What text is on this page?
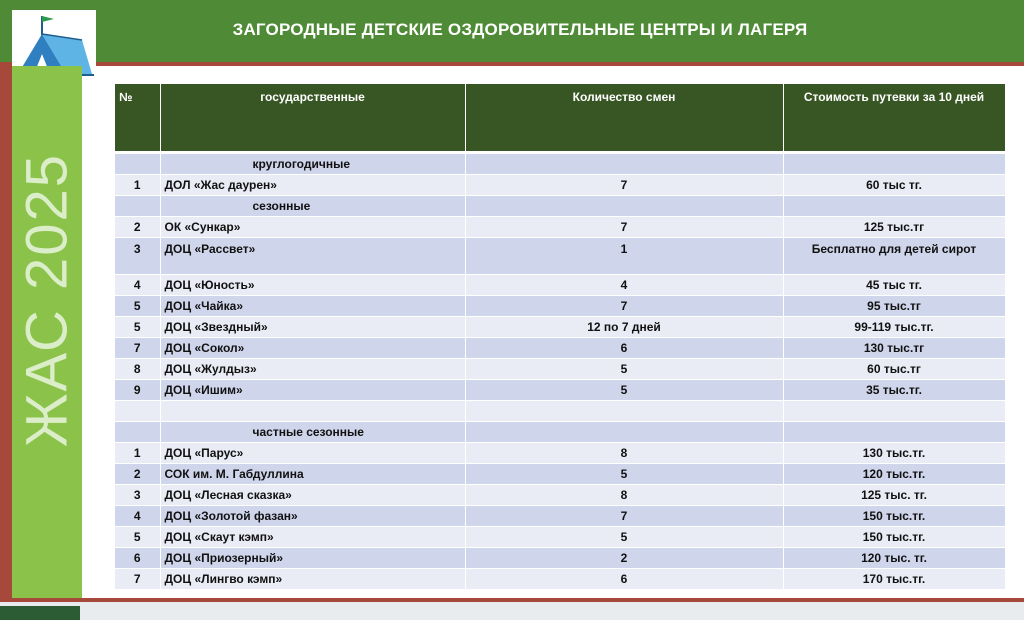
ЗАГОРОДНЫЕ ДЕТСКИЕ ОЗДОРОВИТЕЛЬНЫЕ ЦЕНТРЫ И ЛАГЕРЯ
ЖАС 2025
№	государственные	Количество смен	Стоимость путевки за 10 дней

	круглогодичные		
1	ДОЛ «Жас даурен»	7	60 тыс тг.
	сезонные		
2	ОК «Сункар»	7	125 тыс.тг
3	ДОЦ «Рассвет»	1	Бесплатно для детей сирот
4	ДОЦ «Юность»	4	45 тыс тг.
5	ДОЦ «Чайка»	7	95 тыс.тг
5	ДОЦ «Звездный»	12 по 7 дней	99-119 тыс.тг.
7	ДОЦ «Сокол»	6	130 тыс.тг
8	ДОЦ «Жулдыз»	5	60 тыс.тг
9	ДОЦ «Ишим»	5	35 тыс.тг.

	частные сезонные		
1	ДОЦ «Парус»	8	130 тыс.тг.
2	СОК им. М. Габдуллина	5	120 тыс.тг.
3	ДОЦ «Лесная сказка»	8	125 тыс. тг.
4	ДОЦ «Золотой фазан»	7	150 тыс.тг.
5	ДОЦ «Скаут кэмп»	5	150 тыс.тг.
6	ДОЦ «Приозерный»	2	120 тыс. тг.
7	ДОЦ «Лингво кэмп»	6	170 тыс.тг.
